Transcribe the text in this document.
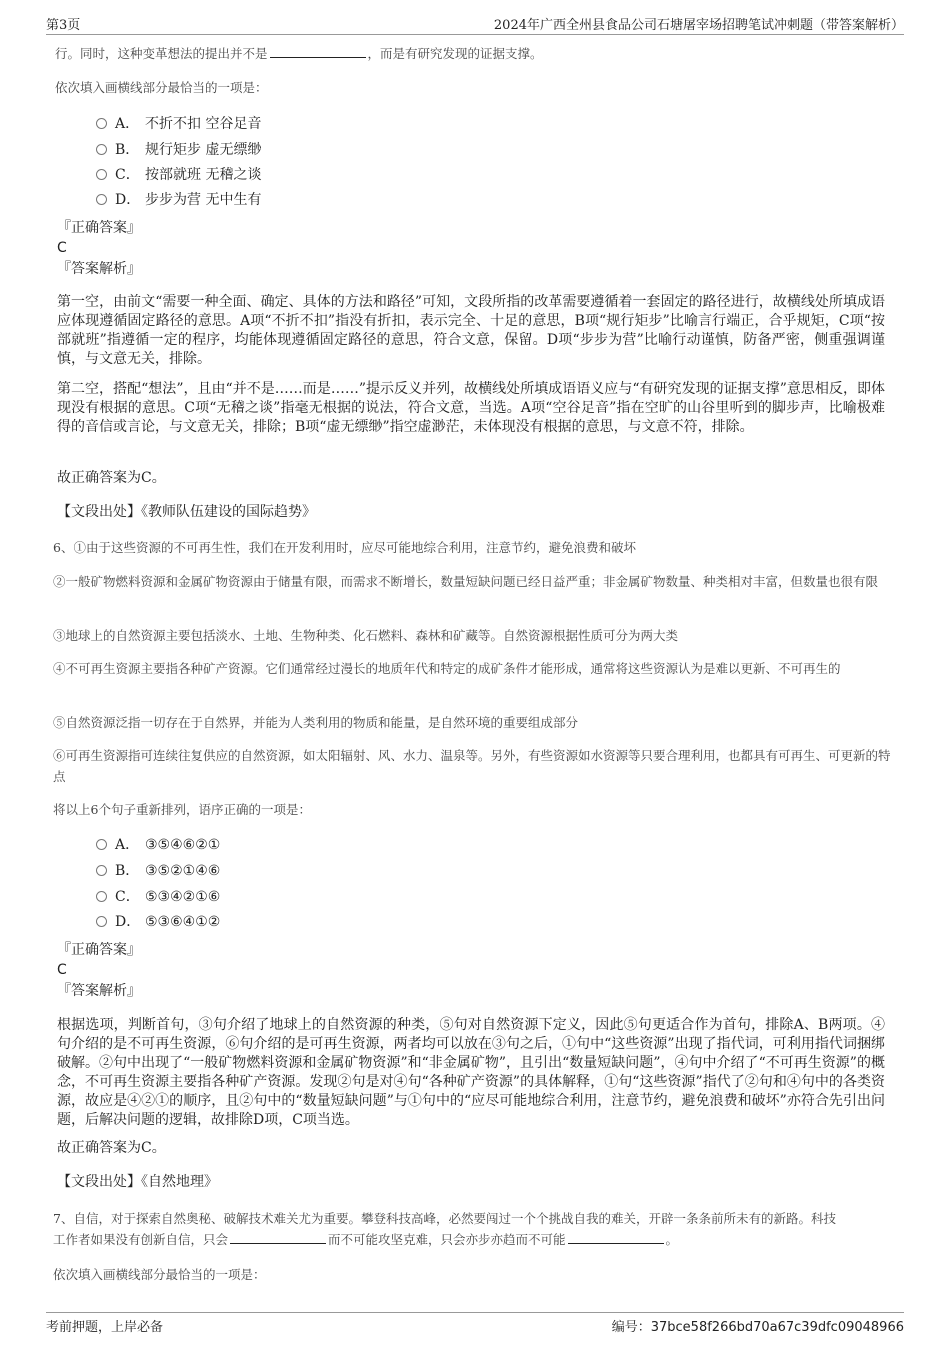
第3页	2024年广西全州县食品公司石塘屠宰场招聘笔试冲刺题（带答案解析）
行。同时，这种变革想法的提出并不是	，而是有研究发现的证据支撑。
依次填入画横线部分最恰当的一项是：
A． 不折不扣 空谷足音
B． 规行矩步 虚无缥缈
C． 按部就班 无稽之谈
D． 步步为营 无中生有
『正确答案』
C
『答案解析』
第一空，由前文“需要一种全面、确定、具体的方法和路径”可知，文段所指的改革需要遵循着一套固定的路径进行，故横线处所填成语应体现遵循固定路径的意思。A项“不折不扣”指没有折扣，表示完全、十足的意思，B项“规行矩步”比喻言行端正，合乎规矩，C项“按部就班”指遵循一定的程序，均能体现遵循固定路径的意思，符合文意，保留。D项“步步为营”比喻行动谨慎，防备严密，侧重强调谨慎，与文意无关，排除。
第二空，搭配“想法”，且由“并不是……而是……”提示反义并列，故横线处所填成语语义应与“有研究发现的证据支撑”意思相反，即体现没有根据的意思。C项“无稽之谈”指毫无根据的说法，符合文意，当选。A项“空谷足音”指在空旷的山谷里听到的脚步声，比喻极难得的音信或言论，与文意无关，排除；B项“虚无缥缈”指空虚渺茫，未体现没有根据的意思，与文意不符，排除。
故正确答案为C。
【文段出处】《教师队伍建设的国际趋势》
6、①由于这些资源的不可再生性，我们在开发利用时，应尽可能地综合利用，注意节约，避免浪费和破坏
②一般矿物燃料资源和金属矿物资源由于储量有限，而需求不断增长，数量短缺问题已经日益严重；非金属矿物数量、种类相对丰富，但数量也很有限
③地球上的自然资源主要包括淡水、土地、生物种类、化石燃料、森林和矿藏等。自然资源根据性质可分为两大类
④不可再生资源主要指各种矿产资源。它们通常经过漫长的地质年代和特定的成矿条件才能形成，通常将这些资源认为是难以更新、不可再生的
⑤自然资源泛指一切存在于自然界，并能为人类利用的物质和能量，是自然环境的重要组成部分
⑥可再生资源指可连续往复供应的自然资源，如太阳辐射、风、水力、温泉等。另外，有些资源如水资源等只要合理利用，也都具有可再生、可更新的特点
将以上6个句子重新排列，语序正确的一项是：
A． ③⑤④⑥②①
B． ③⑤②①④⑥
C． ⑤③④②①⑥
D． ⑤③⑥④①②
『正确答案』
C
『答案解析』
根据选项，判断首句，③句介绍了地球上的自然资源的种类，⑤句对自然资源下定义，因此⑤句更适合作为首句，排除A、B两项。④句介绍的是不可再生资源，⑥句介绍的是可再生资源，两者均可以放在③句之后，①句中“这些资源”出现了指代词，可利用指代词捆绑破解。②句中出现了“一般矿物燃料资源和金属矿物资源”和“非金属矿物”，且引出“数量短缺问题”，④句中介绍了“不可再生资源”的概念，不可再生资源主要指各种矿产资源。发现②句是对④句“各种矿产资源”的具体解释，①句“这些资源”指代了②句和④句中的各类资源，故应是④②①的顺序，且②句中的“数量短缺问题”与①句中的“应尽可能地综合利用，注意节约，避免浪费和破坏”亦符合先引出问题，后解决问题的逻辑，故排除D项，C项当选。
故正确答案为C。
【文段出处】《自然地理》
7、自信，对于探索自然奥秘、破解技术难关尤为重要。攀登科技高峰，必然要闯过一个个挑战自我的难关，开辟一条条前所未有的新路。科技
工作者如果没有创新自信，只会	而不可能攻坚克难，只会亦步亦趋而不可能	。
依次填入画横线部分最恰当的一项是：
考前押题，上岸必备	编号：37bce58f266bd70a67c39dfc09048966
